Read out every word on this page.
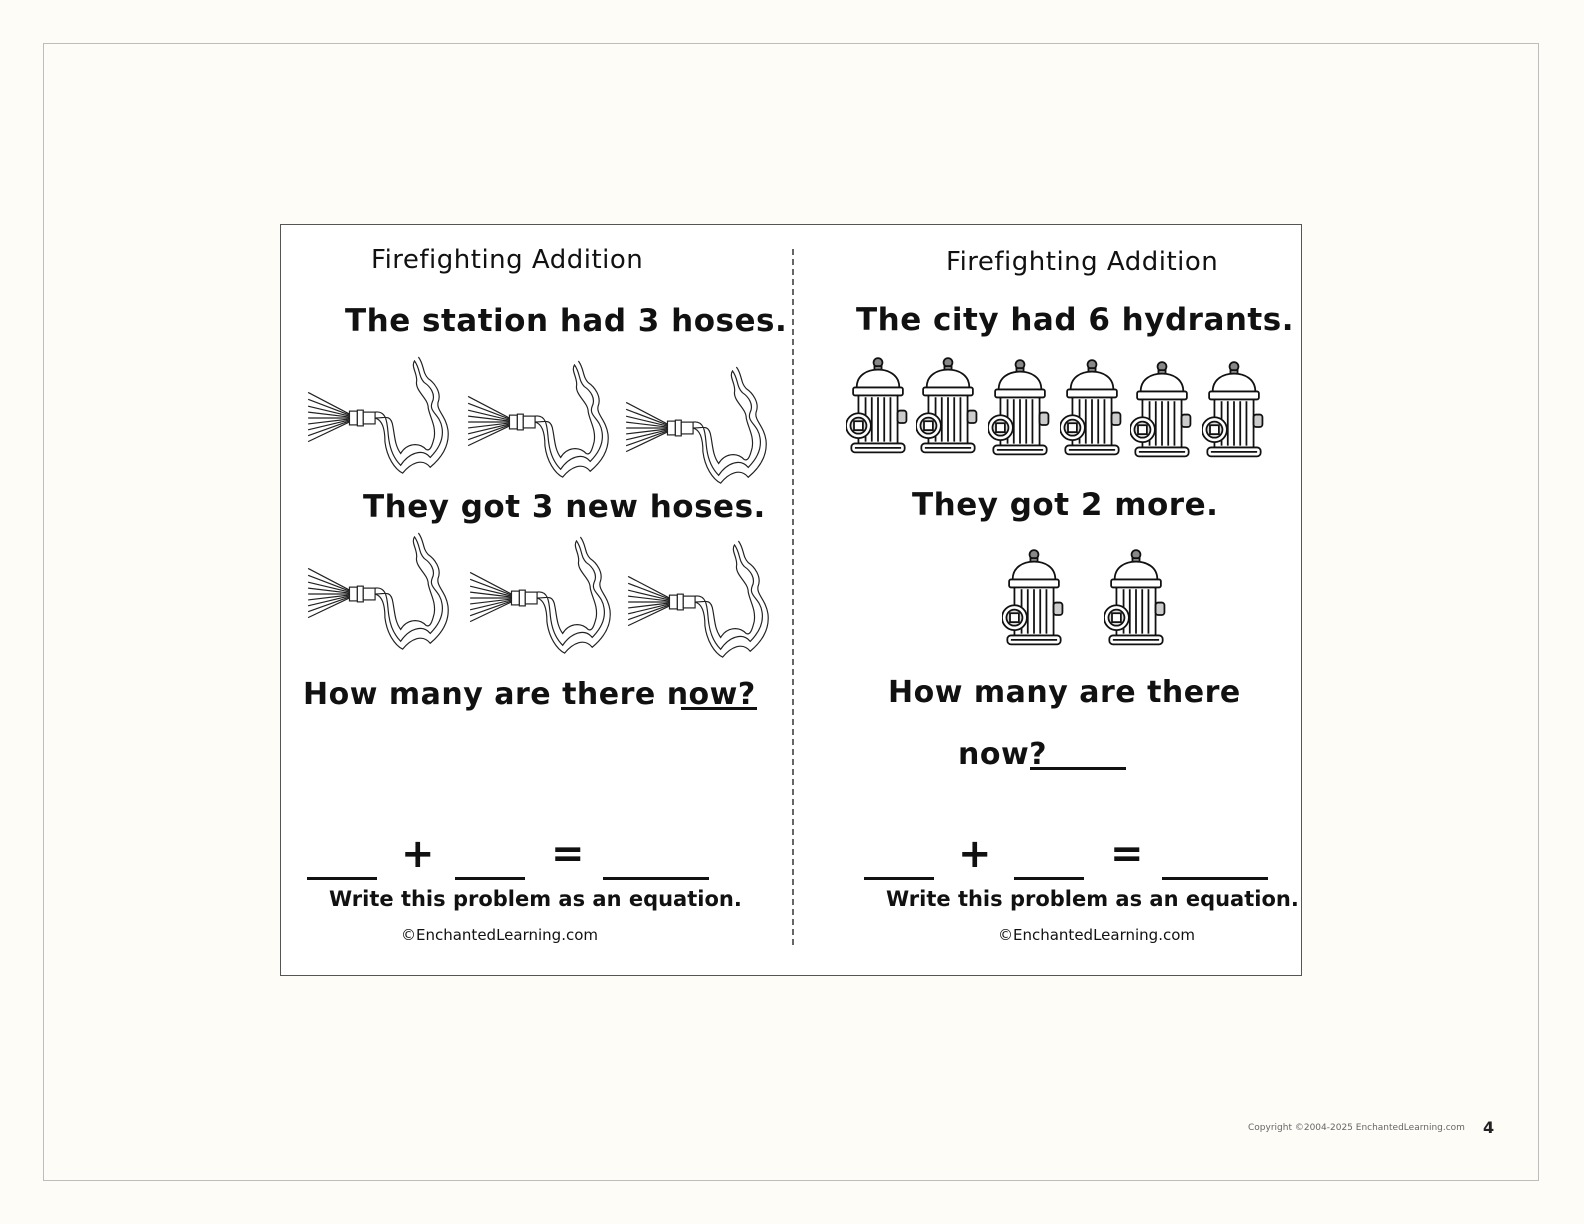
Firefighting Addition
The station had 3 hoses.
They got 3 new hoses.
How many are there now?
+	=
Write this problem as an equation.
©EnchantedLearning.com
Firefighting Addition
The city had 6 hydrants.
They got 2 more.
How many are there
now?
+	=
Write this problem as an equation.
©EnchantedLearning.com
Copyright ©2004-2025 EnchantedLearning.com 4
